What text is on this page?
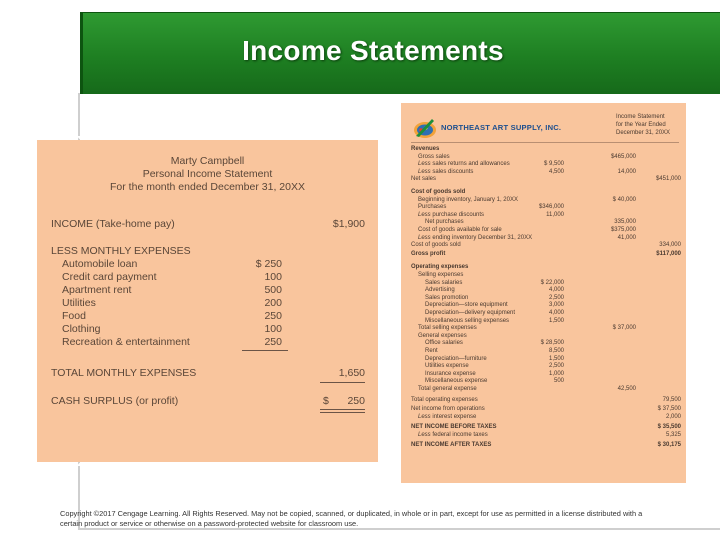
Income Statements
Marty Campbell
Personal Income Statement
For the month ended December 31, 20XX
INCOME (Take-home pay)	$1,900
LESS MONTHLY EXPENSES
Automobile loan	$ 250
Credit card payment	100
Apartment rent	500
Utilities	200
Food	250
Clothing	100
Recreation & entertainment	250
TOTAL MONTHLY EXPENSES	1,650
CASH SURPLUS (or profit)	$ 250
NORTHEAST ART SUPPLY, INC.
Income Statement
for the Year Ended
December 31, 20XX
Revenues
Gross sales	$465,000
Less sales returns and allowances	$ 9,500
Less sales discounts	4,500	14,000
Net sales	$451,000
Cost of goods sold
Beginning inventory, January 1, 20XX	$ 40,000
Purchases	$346,000
Less purchase discounts	11,000
Net purchases	335,000
Cost of goods available for sale	$375,000
Less ending inventory December 31, 20XX	41,000
Cost of goods sold	334,000
Gross profit	$117,000
Operating expenses
Selling expenses
Sales salaries	$ 22,000
Advertising	4,000
Sales promotion	2,500
Depreciation—store equipment	3,000
Depreciation—delivery equipment	4,000
Miscellaneous selling expenses	1,500
Total selling expenses	$ 37,000
General expenses
Office salaries	$ 28,500
Rent	8,500
Depreciation—furniture	1,500
Utilities expense	2,500
Insurance expense	1,000
Miscellaneous expense	500
Total general expense	42,500
Total operating expenses	79,500
Net income from operations	$ 37,500
Less interest expense	2,000
NET INCOME BEFORE TAXES	$ 35,500
Less federal income taxes	5,325
NET INCOME AFTER TAXES	$ 30,175
Copyright ©2017 Cengage Learning. All Rights Reserved. May not be copied, scanned, or duplicated, in whole or in part, except for use as permitted in a license distributed with a certain product or service or otherwise on a password-protected website for classroom use.
